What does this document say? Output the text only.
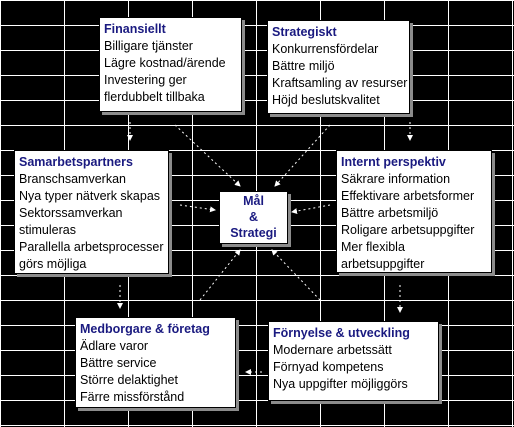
Finansiellt
Billigare tjänster
Lägre kostnad/ärende
Investering ger
flerdubbelt tillbaka
Strategiskt
Konkurrensfördelar
Bättre miljö
Kraftsamling av resurser
Höjd beslutskvalitet
Samarbetspartners
Branschsamverkan
Nya typer nätverk skapas
Sektorssamverkan
stimuleras
Parallella arbetsprocesser
görs möjliga
Internt perspektiv
Säkrare information
Effektivare arbetsformer
Bättre arbetsmiljö
Roligare arbetsuppgifter
Mer flexibla
arbetsuppgifter
Medborgare & företag
Ädlare varor
Bättre service
Större delaktighet
Färre missförstånd
Förnyelse & utveckling
Modernare arbetssätt
Förnyad kompetens
Nya uppgifter möjliggörs
Mål
&
Strategi
